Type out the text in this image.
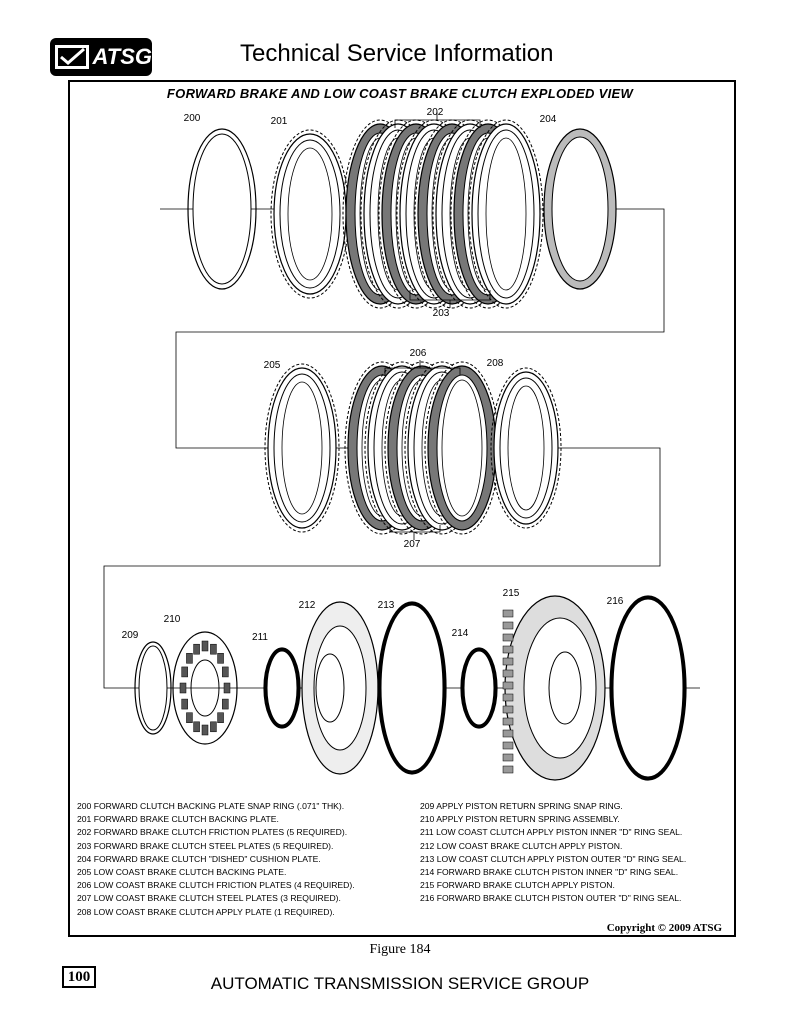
ATSG	Technical Service Information
FORWARD BRAKE AND LOW COAST BRAKE CLUTCH EXPLODED VIEW
200	201
202
203
204
205
206
207
208
209
210
211
212	213
214
215
216
200 FORWARD CLUTCH BACKING PLATE SNAP RING (.071" THK).
201 FORWARD BRAKE CLUTCH BACKING PLATE.
202 FORWARD BRAKE CLUTCH FRICTION PLATES (5 REQUIRED).
203 FORWARD BRAKE CLUTCH STEEL PLATES (5 REQUIRED).
204 FORWARD BRAKE CLUTCH "DISHED" CUSHION PLATE.
205 LOW COAST BRAKE CLUTCH BACKING PLATE.
206 LOW COAST BRAKE CLUTCH FRICTION PLATES (4 REQUIRED).
207 LOW COAST BRAKE CLUTCH STEEL PLATES (3 REQUIRED).
208 LOW COAST BRAKE CLUTCH APPLY PLATE (1 REQUIRED).
209 APPLY PISTON RETURN SPRING SNAP RING.
210 APPLY PISTON RETURN SPRING ASSEMBLY.
211 LOW COAST CLUTCH APPLY PISTON INNER "D" RING SEAL.
212 LOW COAST BRAKE CLUTCH APPLY PISTON.
213 LOW COAST CLUTCH APPLY PISTON OUTER "D" RING SEAL.
214 FORWARD BRAKE CLUTCH PISTON INNER "D" RING SEAL.
215 FORWARD BRAKE CLUTCH APPLY PISTON.
216 FORWARD BRAKE CLUTCH PISTON OUTER "D" RING SEAL.
Copyright © 2009 ATSG
Figure 184
100	AUTOMATIC TRANSMISSION SERVICE GROUP
